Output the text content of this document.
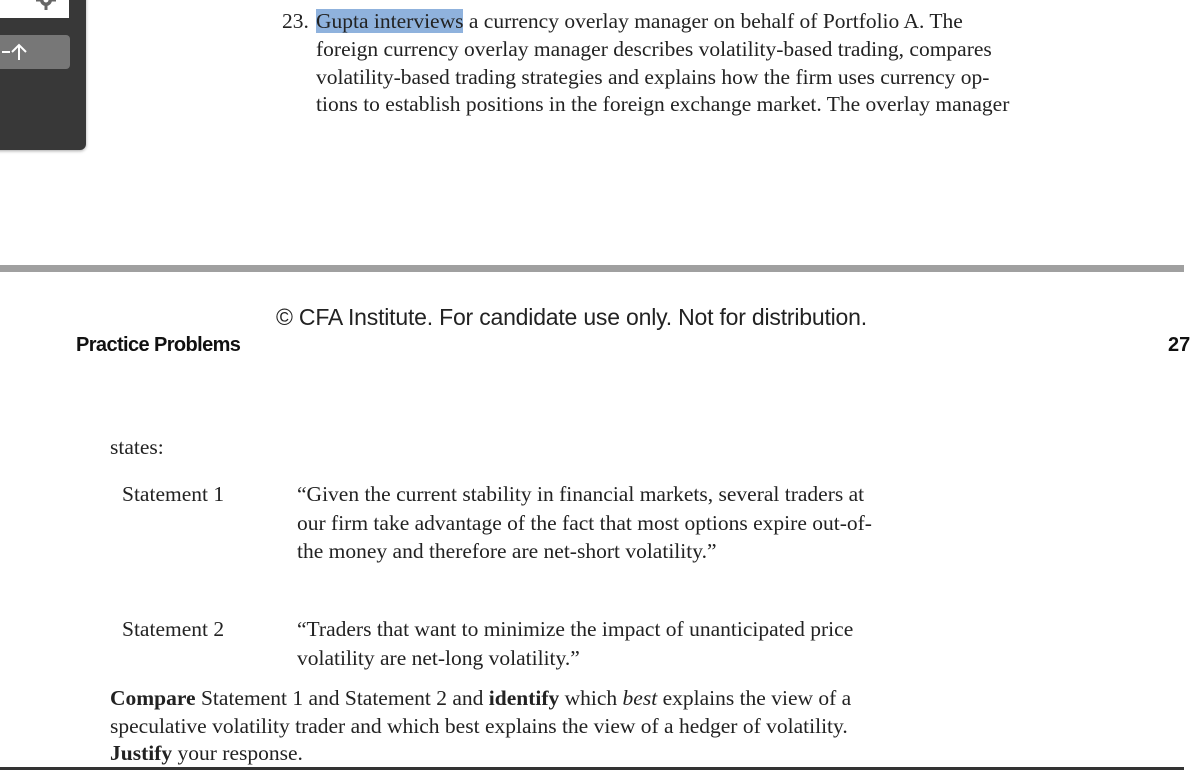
23. Gupta interviews a currency overlay manager on behalf of Portfolio A. The
foreign currency overlay manager describes volatility-based trading, compares
volatility-based trading strategies and explains how the firm uses currency op-
tions to establish positions in the foreign exchange market. The overlay manager
© CFA Institute. For candidate use only. Not for distribution.
Practice Problems	27
states:
Statement 1	“Given the current stability in financial markets, several traders at our firm take advantage of the fact that most options expire out-of-the money and therefore are net-short volatility.”
Statement 2	“Traders that want to minimize the impact of unanticipated price volatility are net-long volatility.”
Compare Statement 1 and Statement 2 and identify which best explains the view of a speculative volatility trader and which best explains the view of a hedger of volatility. Justify your response.
